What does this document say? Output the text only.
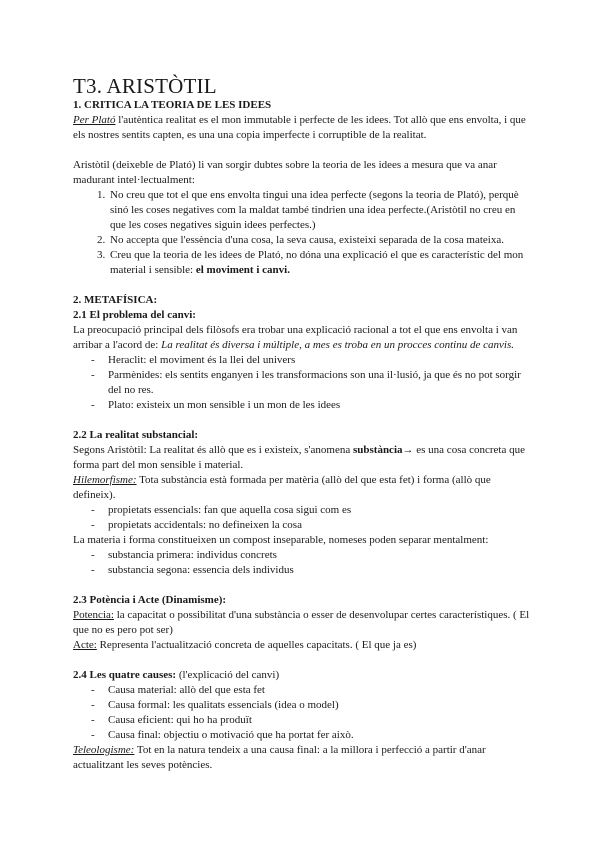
T3. ARISTÒTIL

1. CRITICA LA TEORIA DE LES IDEES

Per Plató l'autèntica realitat es el mon immutable i perfecte de les idees. Tot allò que ens envolta, i que els nostres sentits capten, es una una copia imperfecte i corruptible de la realitat.

Aristòtil (deixeble de Plató) li van sorgir dubtes sobre la teoria de les idees a mesura que va anar madurant intel·lectualment:

1. No creu que tot el que ens envolta tingui una idea perfecte (segons la teoria de Plató), perquè sinó les coses negatives com la maldat també tindrien una idea perfecte.(Aristòtil no creu en que les coses negatives siguin idees perfectes.)
2. No accepta que l'essència d'una cosa, la seva causa, existeixi separada de la cosa mateixa.
3. Creu que la teoria de les idees de Plató, no dóna una explicació el que es característic del mon material i sensible: el moviment i canvi.

2. METAFÍSICA:

2.1 El problema del canvi:

La preocupació principal dels filòsofs era trobar una explicació racional a tot el que ens envolta i van arribar a l'acord de: La realitat és diversa i múltiple, a mes es troba en un procces continu de canvis.

- Heraclit: el moviment és la llei del univers
- Parmènides: els sentits enganyen i les transformacions son una il·lusió, ja que és no pot sorgir del no res.
- Plato: existeix un mon sensible i un mon de les idees

2.2 La realitat substancial:

Segons Aristòtil: La realitat és allò que es i existeix, s'anomena substància→ es una cosa concreta que forma part del mon sensible i material.

Hilemorfisme: Tota substància està formada per matèria (allò del que esta fet) i forma (allò que defineix).

- propietats essencials: fan que aquella cosa sigui com es
- propietats accidentals: no defineixen la cosa

La materia i forma constitueixen un compost inseparable, nomeses poden separar mentalment:

- substancia primera: individus concrets
- substancia segona: essencia dels individus

2.3 Potència i Acte (Dinamisme):

Potencia: la capacitat o possibilitat d'una substància o esser de desenvolupar certes característiques. ( El que no es pero pot ser)

Acte: Representa l'actualització concreta de aquelles capacitats. ( El que ja es)

2.4 Les quatre causes: (l'explicació del canvi)

- Causa material: allò del que esta fet
- Causa formal: les qualitats essencials (idea o model)
- Causa eficient: qui ho ha produït
- Causa final: objectiu o motivació que ha portat fer això.

Teleologisme: Tot en la natura tendeix a una causa final: a la millora i perfecció a partir d'anar actualitzant les seves potències.
